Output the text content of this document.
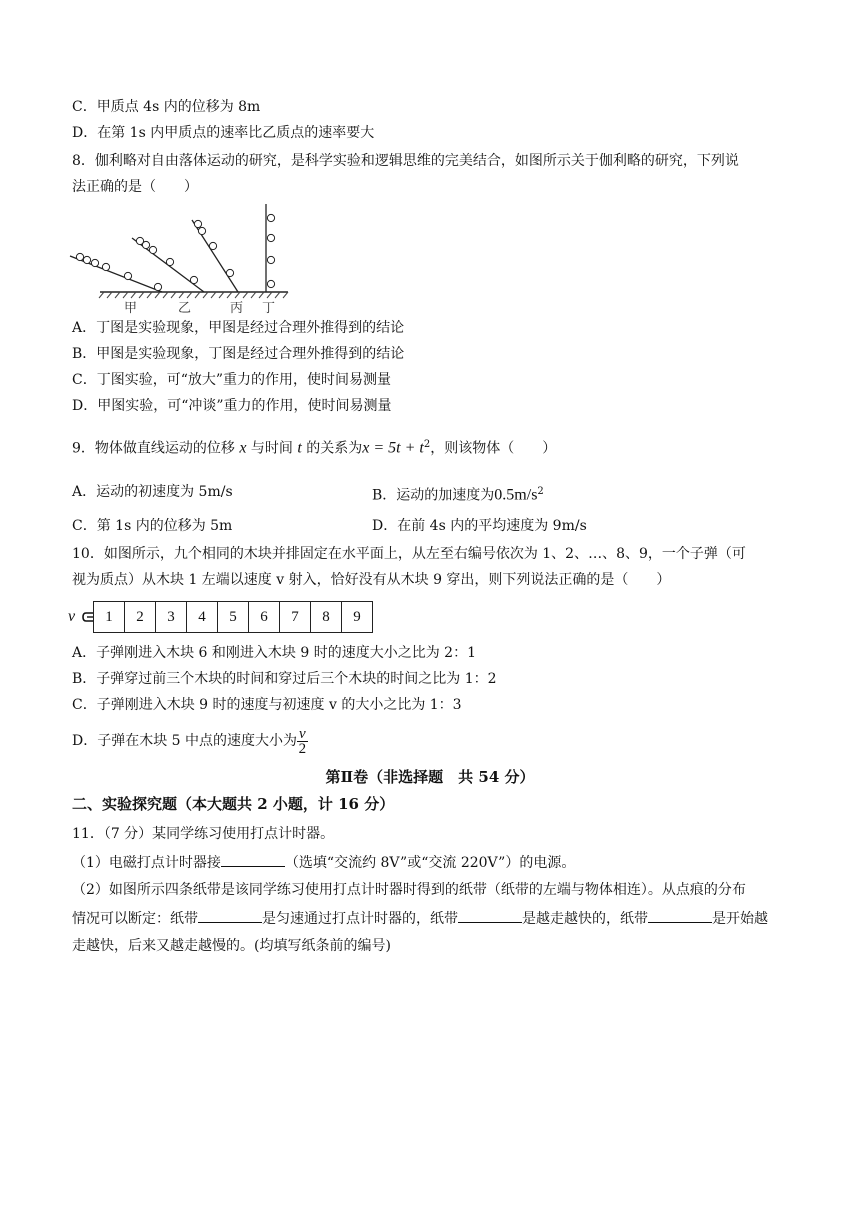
C．甲质点 4s 内的位移为 8m
D．在第 1s 内甲质点的速率比乙质点的速率要大
8．伽利略对自由落体运动的研究，是科学实验和逻辑思维的完美结合，如图所示关于伽利略的研究，下列说
法正确的是（　　）
甲	乙	丙 丁
A．丁图是实验现象，甲图是经过合理外推得到的结论
B．甲图是实验现象，丁图是经过合理外推得到的结论
C．丁图实验，可“放大”重力的作用，使时间易测量
D．甲图实验，可“冲谈”重力的作用，使时间易测量
9．物体做直线运动的位移 x 与时间 t 的关系为$x = 5t + t^2$，则该物体（　　）
A．运动的初速度为 5m/s	B．运动的加速度为$0.5m/s^2$
C．第 1s 内的位移为 5m	D．在前 4s 内的平均速度为 9m/s
10．如图所示，九个相同的木块并排固定在水平面上，从左至右编号依次为 1、2、…、8、9，一个子弹（可
视为质点）从木块 1 左端以速度 v 射入，恰好没有从木块 9 穿出，则下列说法正确的是（　　）
v	1	2	3	4	5	6	7	8	9
A．子弹刚进入木块 6 和刚进入木块 9 时的速度大小之比为 2：1
B．子弹穿过前三个木块的时间和穿过后三个木块的时间之比为 1：2
C．子弹刚进入木块 9 时的速度与初速度 v 的大小之比为 1：3
D．子弹在木块 5 中点的速度大小为 $\frac{v}{2}$
第Ⅱ卷（非选择题　共 54 分）
二、实验探究题（本大题共 2 小题，计 16 分）
11．（7 分）某同学练习使用打点计时器。
（1）电磁打点计时器接	（选填“交流约 8V”或“交流 220V”）的电源。
（2）如图所示四条纸带是该同学练习使用打点计时器时得到的纸带（纸带的左端与物体相连）。从点痕的分布
情况可以断定：纸带	是匀速通过打点计时器的，纸带	是越走越快的，纸带	是开始越
走越快，后来又越走越慢的。(均填写纸条前的编号)
